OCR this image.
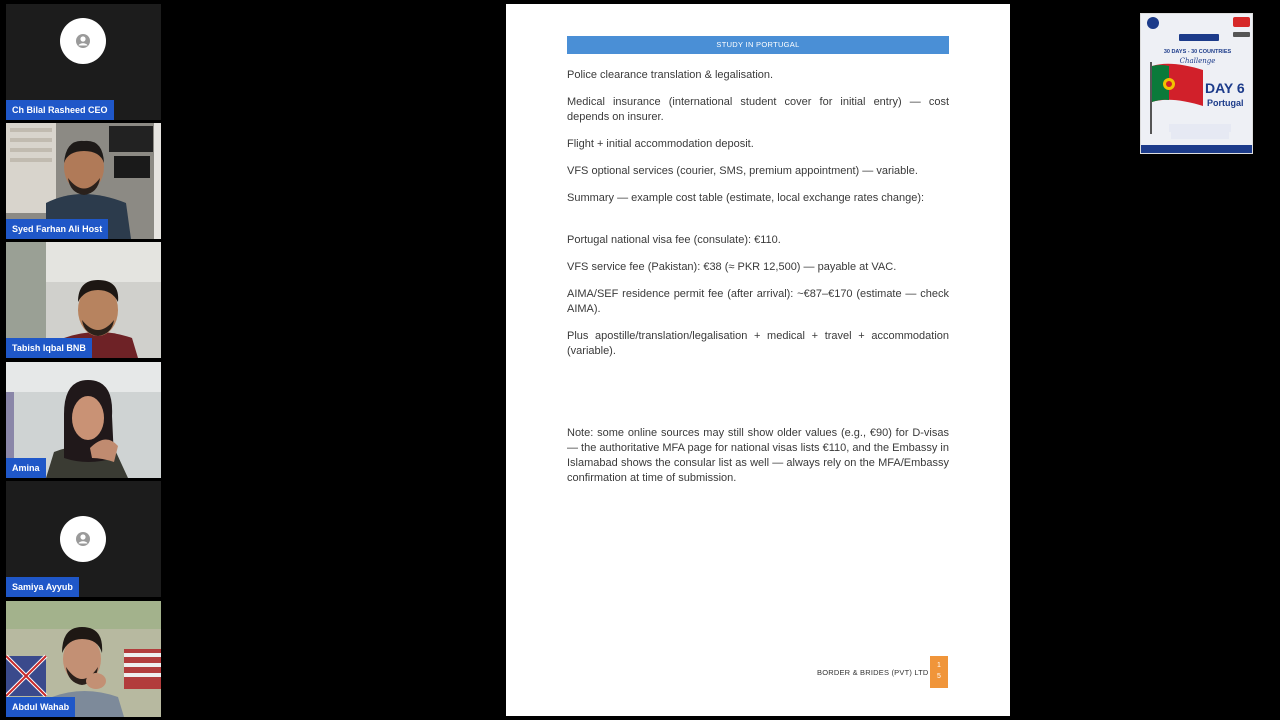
Ch Bilal Rasheed CEO
Syed Farhan Ali Host
Tabish Iqbal BNB
Amina
Samiya Ayyub
Abdul Wahab
STUDY IN PORTUGAL
Police clearance translation & legalisation.
Medical insurance (international student cover for initial entry) — cost depends on insurer.
Flight + initial accommodation deposit.
VFS optional services (courier, SMS, premium appointment) — variable.
Summary — example cost table (estimate, local exchange rates change):
Portugal national visa fee (consulate): €110.
VFS service fee (Pakistan): €38 (≈ PKR 12,500) — payable at VAC.
AIMA/SEF residence permit fee (after arrival): ~€87–€170 (estimate — check AIMA).
Plus apostille/translation/legalisation + medical + travel + accommodation (variable).
Note: some online sources may still show older values (e.g., €90) for D-visas — the authoritative MFA page for national visas lists €110, and the Embassy in Islamabad shows the consular list as well — always rely on the MFA/Embassy confirmation at time of submission.
BORDER & BRIDES (PVT) LTD
1
5
30 DAYS - 30 COUNTRIES
Challenge
DAY 6
Portugal
